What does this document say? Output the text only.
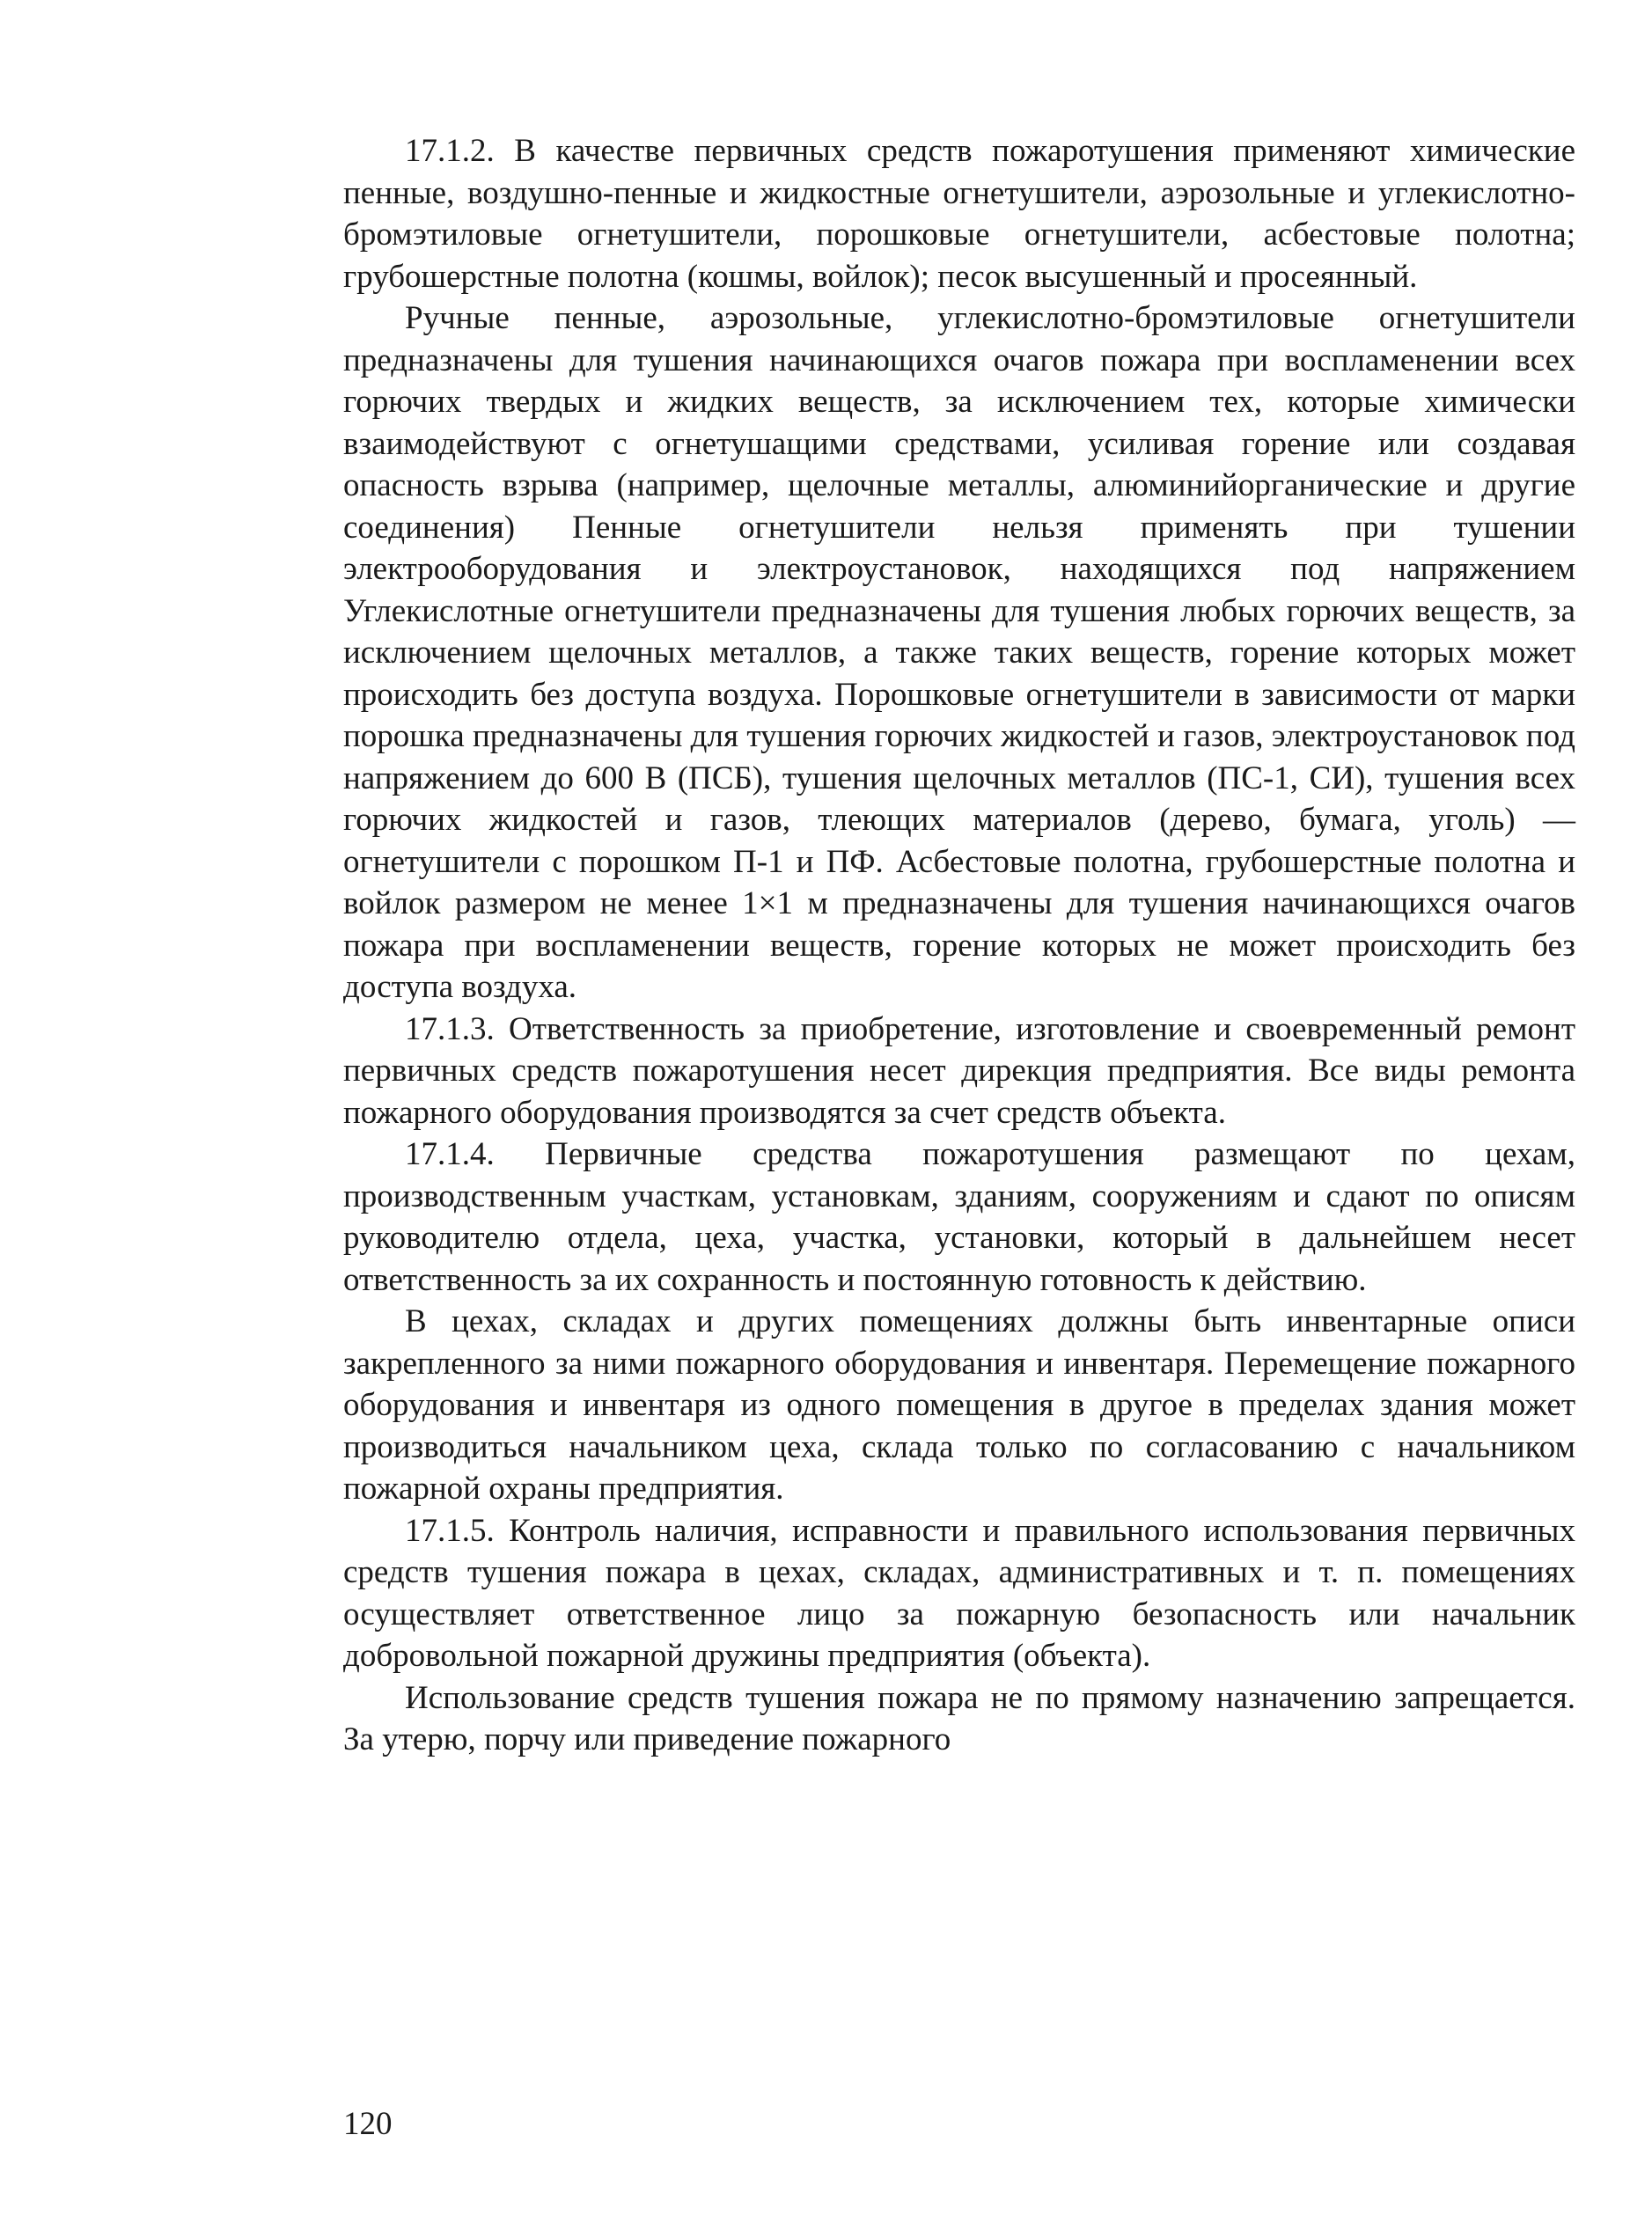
17.1.2. В качестве первичных средств пожаротушения применяют химические пенные, воздушно-пенные и жидкостные огнетушители, аэрозольные и углекислотно-бромэтиловые огнетушители, порошковые огнетушители, асбестовые полотна; грубошерстные полотна (кошмы, войлок); песок высушенный и просеянный.

Ручные пенные, аэрозольные, углекислотно-бромэтиловые огнетушители предназначены для тушения начинающихся очагов пожара при воспламенении всех горючих твердых и жидких веществ, за исключением тех, которые химически взаимодействуют с огнетушащими средствами, усиливая горение или создавая опасность взрыва (например, щелочные металлы, алюминийорганические и другие соединения) Пенные огнетушители нельзя применять при тушении электрооборудования и электроустановок, находящихся под напряжением Углекислотные огнетушители предназначены для тушения любых горючих веществ, за исключением щелочных металлов, а также таких веществ, горение которых может происходить без доступа воздуха. Порошковые огнетушители в зависимости от марки порошка предназначены для тушения горючих жидкостей и газов, электроустановок под напряжением до 600 В (ПСБ), тушения щелочных металлов (ПС-1, СИ), тушения всех горючих жидкостей и газов, тлеющих материалов (дерево, бумага, уголь) — огнетушители с порошком П-1 и ПФ. Асбестовые полотна, грубошерстные полотна и войлок размером не менее 1×1 м предназначены для тушения начинающихся очагов пожара при воспламенении веществ, горение которых не может происходить без доступа воздуха.

17.1.3. Ответственность за приобретение, изготовление и своевременный ремонт первичных средств пожаротушения несет дирекция предприятия. Все виды ремонта пожарного оборудования производятся за счет средств объекта.

17.1.4. Первичные средства пожаротушения размещают по цехам, производственным участкам, установкам, зданиям, сооружениям и сдают по описям руководителю отдела, цеха, участка, установки, который в дальнейшем несет ответственность за их сохранность и постоянную готовность к действию.

В цехах, складах и других помещениях должны быть инвентарные описи закрепленного за ними пожарного оборудования и инвентаря. Перемещение пожарного оборудования и инвентаря из одного помещения в другое в пределах здания может производиться начальником цеха, склада только по согласованию с начальником пожарной охраны предприятия.

17.1.5. Контроль наличия, исправности и правильного использования первичных средств тушения пожара в цехах, складах, административных и т. п. помещениях осуществляет ответственное лицо за пожарную безопасность или начальник добровольной пожарной дружины предприятия (объекта).

Использование средств тушения пожара не по прямому назначению запрещается. За утерю, порчу или приведение пожарного

120
